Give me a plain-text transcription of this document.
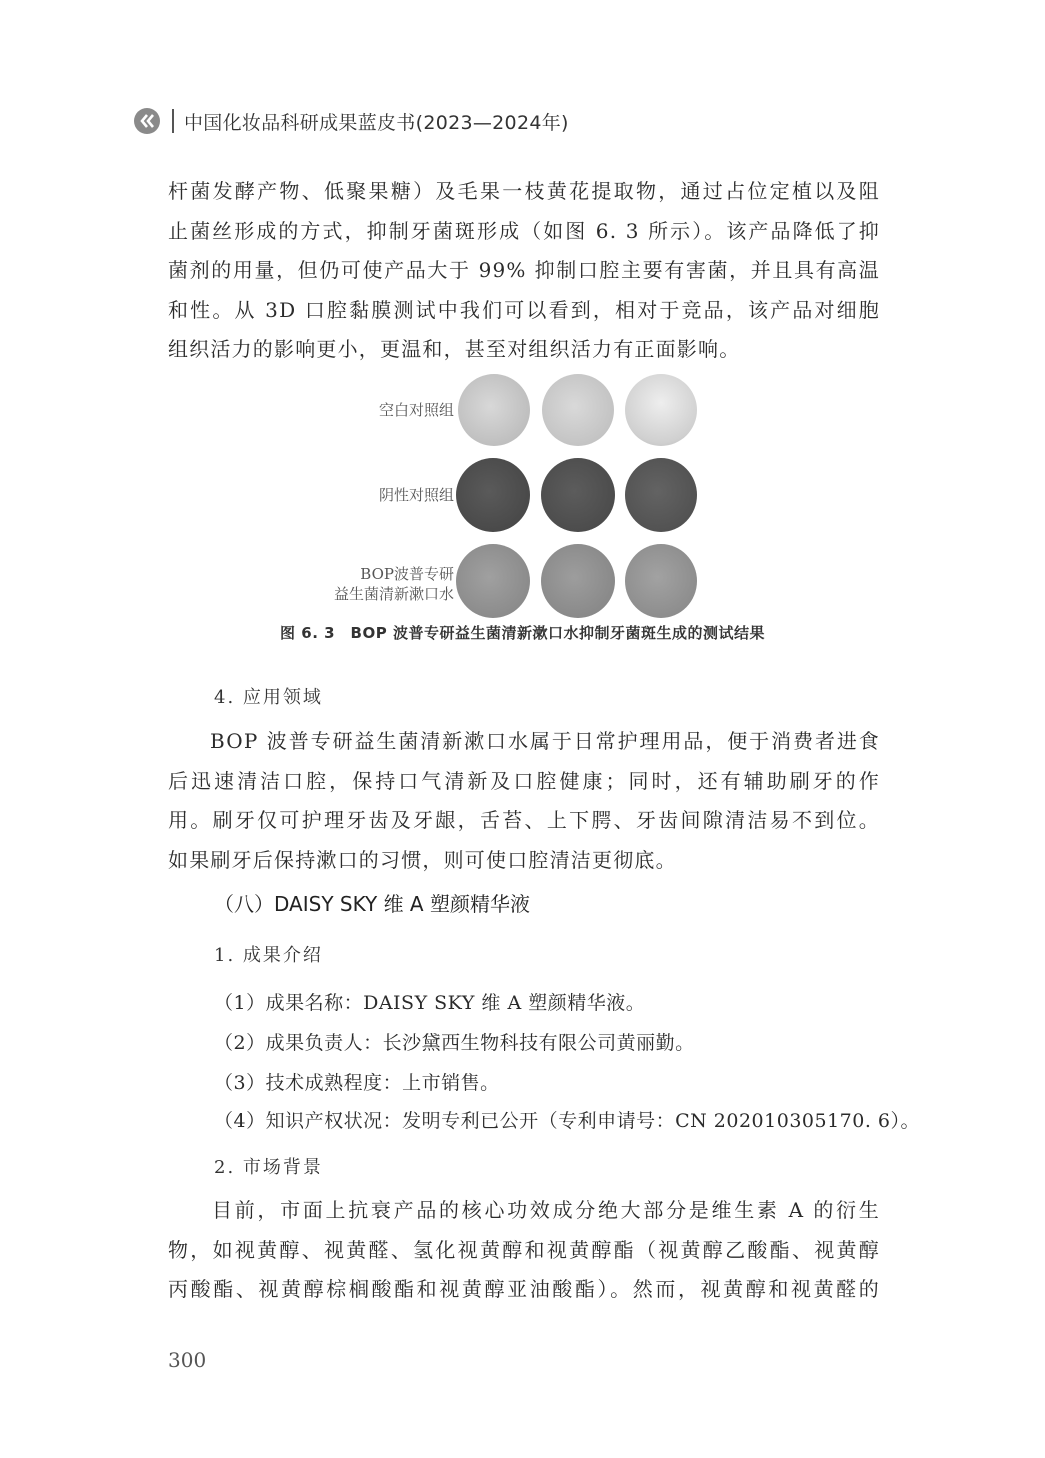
中国化妆品科研成果蓝皮书(2023—2024年)
杆菌发酵产物、低聚果糖）及毛果一枝黄花提取物，通过占位定植以及阻
止菌丝形成的方式，抑制牙菌斑形成（如图 6. 3 所示）。该产品降低了抑
菌剂的用量，但仍可使产品大于 99% 抑制口腔主要有害菌，并且具有高温
和性。从 3D 口腔黏膜测试中我们可以看到，相对于竞品，该产品对细胞
组织活力的影响更小，更温和，甚至对组织活力有正面影响。
空白对照组
阴性对照组
BOP波普专研
益生菌清新漱口水
图 6. 3　BOP 波普专研益生菌清新漱口水抑制牙菌斑生成的测试结果
4. 应用领域
BOP 波普专研益生菌清新漱口水属于日常护理用品，便于消费者进食
后迅速清洁口腔，保持口气清新及口腔健康；同时，还有辅助刷牙的作
用。刷牙仅可护理牙齿及牙龈，舌苔、上下腭、牙齿间隙清洁易不到位。
如果刷牙后保持漱口的习惯，则可使口腔清洁更彻底。
（八）DAISY SKY 维 A 塑颜精华液
1. 成果介绍
（1）成果名称：DAISY SKY 维 A 塑颜精华液。
（2）成果负责人：长沙黛西生物科技有限公司黄丽勤。
（3）技术成熟程度：上市销售。
（4）知识产权状况：发明专利已公开（专利申请号：CN 202010305170. 6）。
2. 市场背景
目前，市面上抗衰产品的核心功效成分绝大部分是维生素 A 的衍生
物，如视黄醇、视黄醛、氢化视黄醇和视黄醇酯（视黄醇乙酸酯、视黄醇
丙酸酯、视黄醇棕榈酸酯和视黄醇亚油酸酯）。然而，视黄醇和视黄醛的
300
